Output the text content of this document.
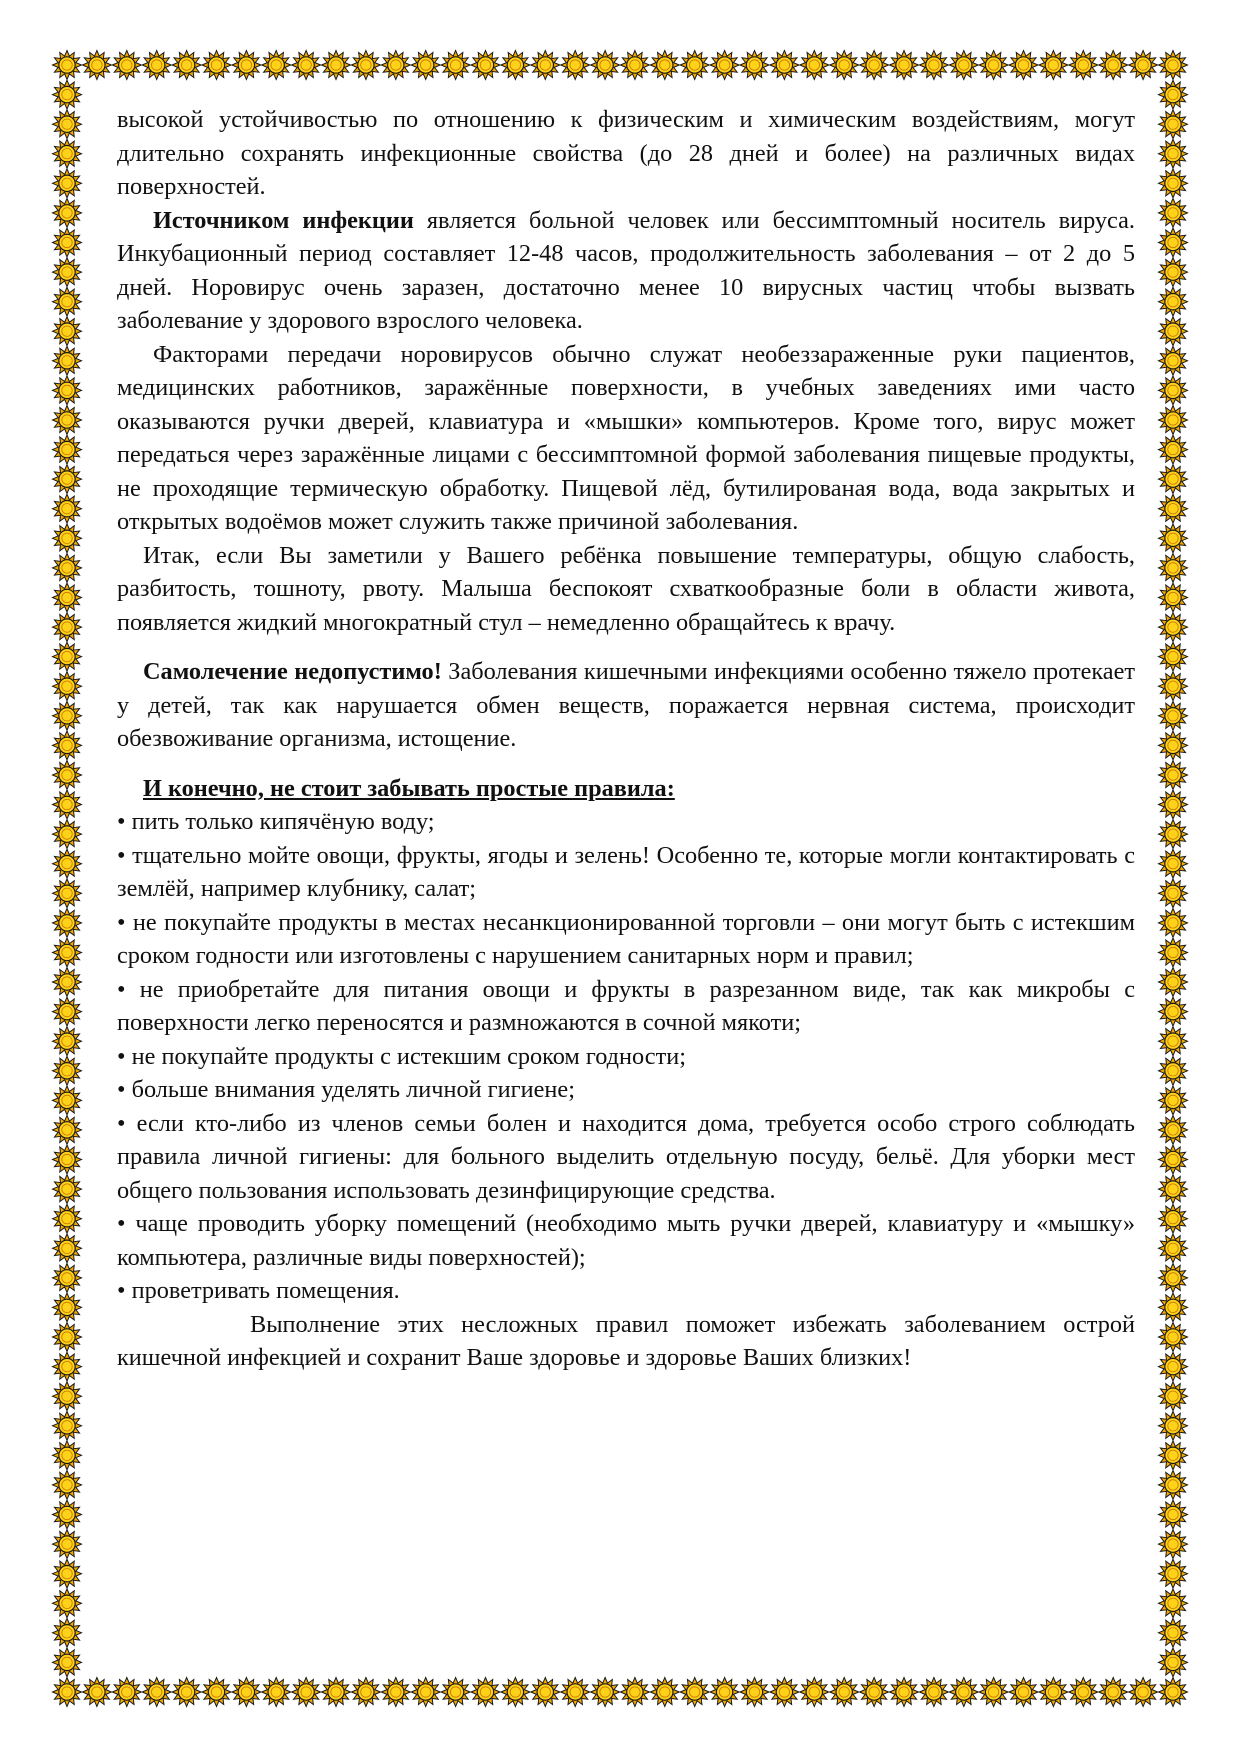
высокой устойчивостью по отношению к физическим и химическим воздействиям, могут длительно сохранять инфекционные свойства (до 28 дней и более) на различных видах поверхностей.

Источником инфекции является больной человек или бессимптомный носитель вируса. Инкубационный период составляет 12-48 часов, продолжительность заболевания – от 2 до 5 дней. Норовирус очень заразен, достаточно менее 10 вирусных частиц чтобы вызвать заболевание у здорового взрослого человека.

Факторами передачи норовирусов обычно служат необеззараженные руки пациентов, медицинских работников, заражённые поверхности, в учебных заведениях ими часто оказываются ручки дверей, клавиатура и «мышки» компьютеров. Кроме того, вирус может передаться через заражённые лицами с бессимптомной формой заболевания пищевые продукты, не проходящие термическую обработку. Пищевой лёд, бутилированая вода, вода закрытых и открытых водоёмов может служить также причиной заболевания.

Итак, если Вы заметили у Вашего ребёнка повышение температуры, общую слабость, разбитость, тошноту, рвоту. Малыша беспокоят схваткообразные боли в области живота, появляется жидкий многократный стул – немедленно обращайтесь к врачу.

Самолечение недопустимо! Заболевания кишечными инфекциями особенно тяжело протекает у детей, так как нарушается обмен веществ, поражается нервная система, происходит обезвоживание организма, истощение.

И конечно, не стоит забывать простые правила:

• пить только кипячёную воду;

• тщательно мойте овощи, фрукты, ягоды и зелень! Особенно те, которые могли контактировать с землёй, например клубнику, салат;

• не покупайте продукты в местах несанкционированной торговли – они могут быть с истекшим сроком годности или изготовлены с нарушением санитарных норм и правил;

• не приобретайте для питания овощи и фрукты в разрезанном виде, так как микробы с поверхности легко переносятся и размножаются в сочной мякоти;

• не покупайте продукты с истекшим сроком годности;

• больше внимания уделять личной гигиене;

• если кто-либо из членов семьи болен и находится дома, требуется особо строго соблюдать правила личной гигиены: для больного выделить отдельную посуду, бельё. Для уборки мест общего пользования использовать дезинфицирующие средства.

• чаще проводить уборку помещений (необходимо мыть ручки дверей, клавиатуру и «мышку» компьютера, различные виды поверхностей);

• проветривать помещения.

Выполнение этих несложных правил поможет избежать заболеванием острой кишечной инфекцией и сохранит Ваше здоровье и здоровье Ваших близких!
